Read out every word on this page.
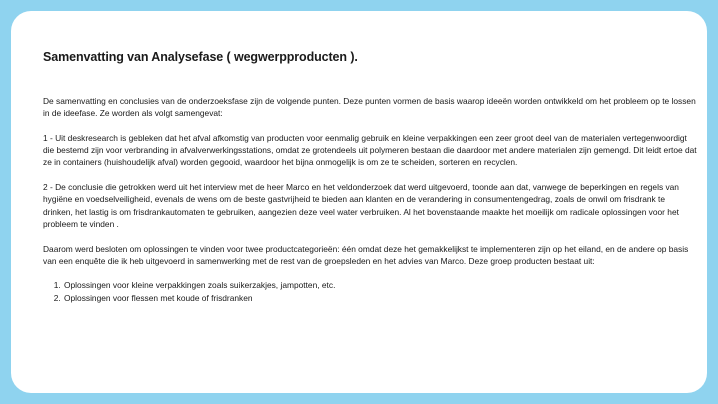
Samenvatting van Analysefase ( wegwerpproducten ).

De samenvatting en conclusies van de onderzoeksfase zijn de volgende punten. Deze punten vormen de basis waarop ideeën worden ontwikkeld om het probleem op te lossen in de ideefase. Ze worden als volgt samengevat:

1 - Uit deskresearch is gebleken dat het afval afkomstig van producten voor eenmalig gebruik en kleine verpakkingen een zeer groot deel van de materialen vertegenwoordigt die bestemd zijn voor verbranding in afvalverwerkingsstations, omdat ze grotendeels uit polymeren bestaan die daardoor met andere materialen zijn gemengd. Dit leidt ertoe dat ze in containers (huishoudelijk afval) worden gegooid, waardoor het bijna onmogelijk is om ze te scheiden, sorteren en recyclen.

2 - De conclusie die getrokken werd uit het interview met de heer Marco en het veldonderzoek dat werd uitgevoerd, toonde aan dat, vanwege de beperkingen en regels van hygiëne en voedselveiligheid, evenals de wens om de beste gastvrijheid te bieden aan klanten en de verandering in consumentengedrag, zoals de onwil om frisdrank te drinken, het lastig is om frisdrankautomaten te gebruiken, aangezien deze veel water verbruiken. Al het bovenstaande maakte het moeilijk om radicale oplossingen voor het probleem te vinden .

Daarom werd besloten om oplossingen te vinden voor twee productcategorieën: één omdat deze het gemakkelijkst te implementeren zijn op het eiland, en de andere op basis van een enquête die ik heb uitgevoerd in samenwerking met de rest van de groepsleden en het advies van Marco. Deze groep producten bestaat uit:

1. Oplossingen voor kleine verpakkingen zoals suikerzakjes, jampotten, etc.
2. Oplossingen voor flessen met koude of frisdranken
